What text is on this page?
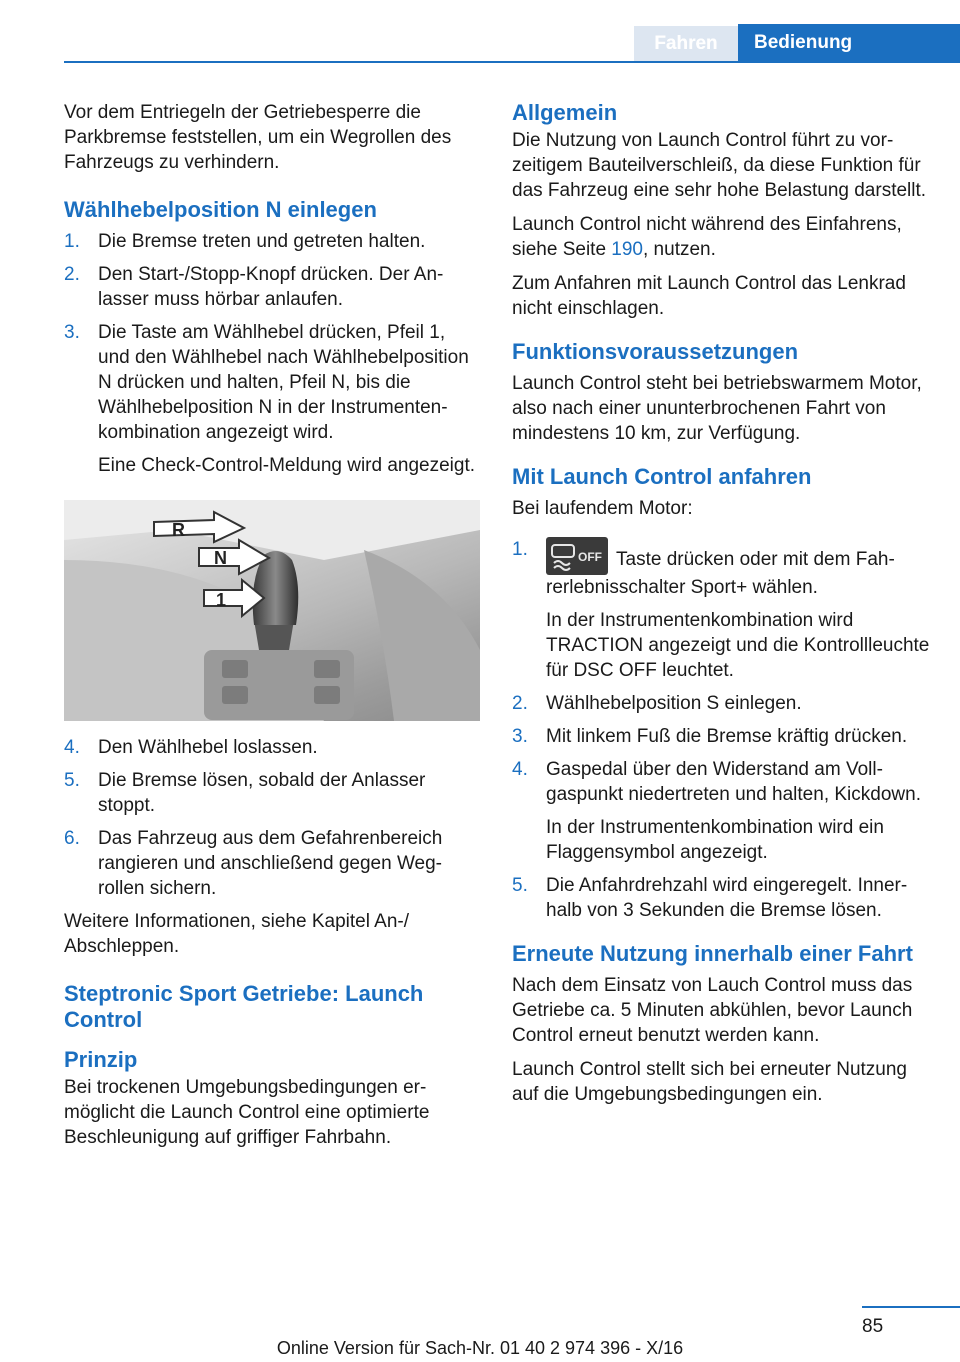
Fahren Bedienung

Vor dem Entriegeln der Getriebesperre die Parkbremse feststellen, um ein Wegrollen des Fahrzeugs zu verhindern.

Wählhebelposition N einlegen
1. Die Bremse treten und getreten halten.
2. Den Start-/Stopp-Knopf drücken. Der Anlasser muss hörbar anlaufen.
3. Die Taste am Wählhebel drücken, Pfeil 1, und den Wählhebel nach Wählhebelposition N drücken und halten, Pfeil N, bis die Wählhebelposition N in der Instrumentenkombination angezeigt wird.
Eine Check-Control-Meldung wird angezeigt.
R
N
1
4. Den Wählhebel loslassen.
5. Die Bremse lösen, sobald der Anlasser stoppt.
6. Das Fahrzeug aus dem Gefahrenbereich rangieren und anschließend gegen Wegrollen sichern.

Weitere Informationen, siehe Kapitel An-/ Abschleppen.

Steptronic Sport Getriebe: Launch Control
Prinzip

Bei trockenen Umgebungsbedingungen ermöglicht die Launch Control eine optimierte Beschleunigung auf griffiger Fahrbahn.

Allgemein

Die Nutzung von Launch Control führt zu vorzeitigem Bauteilverschleiß, da diese Funktion für das Fahrzeug eine sehr hohe Belastung darstellt.

Launch Control nicht während des Einfahrens, siehe Seite 190, nutzen.

Zum Anfahren mit Launch Control das Lenkrad nicht einschlagen.

Funktionsvoraussetzungen

Launch Control steht bei betriebswarmem Motor, also nach einer ununterbrochenen Fahrt von mindestens 10 km, zur Verfügung.

Mit Launch Control anfahren

Bei laufendem Motor:

1.	OFF Taste drücken oder mit dem Fahrerlebnisschalter Sport+ wählen.
In der Instrumentenkombination wird TRACTION angezeigt und die Kontrollleuchte für DSC OFF leuchtet.
2. Wählhebelposition S einlegen.
3. Mit linkem Fuß die Bremse kräftig drücken.
4. Gaspedal über den Widerstand am Vollgaspunkt niedertreten und halten, Kickdown.
In der Instrumentenkombination wird ein Flaggensymbol angezeigt.
5. Die Anfahrdrehzahl wird eingeregelt. Innerhalb von 3 Sekunden die Bremse lösen.
Erneute Nutzung innerhalb einer Fahrt

Nach dem Einsatz von Lauch Control muss das Getriebe ca. 5 Minuten abkühlen, bevor Launch Control erneut benutzt werden kann.

Launch Control stellt sich bei erneuter Nutzung auf die Umgebungsbedingungen ein.

85
Online Version für Sach-Nr. 01 40 2 974 396 - X/16
